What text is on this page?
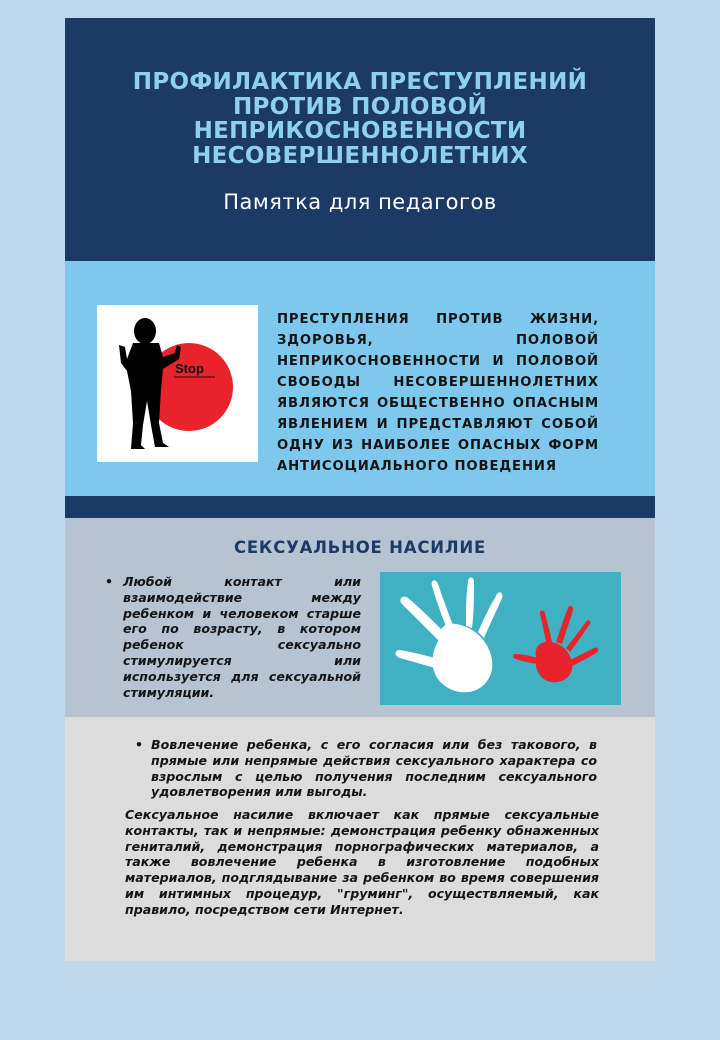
ПРОФИЛАКТИКА ПРЕСТУПЛЕНИЙ ПРОТИВ ПОЛОВОЙ НЕПРИКОСНОВЕННОСТИ НЕСОВЕРШЕННОЛЕТНИХ
Памятка для педагогов
Stop
ПРЕСТУПЛЕНИЯ ПРОТИВ ЖИЗНИ, ЗДОРОВЬЯ, ПОЛОВОЙ НЕПРИКОСНОВЕННОСТИ И ПОЛОВОЙ СВОБОДЫ НЕСОВЕРШЕННОЛЕТНИХ ЯВЛЯЮТСЯ ОБЩЕСТВЕННО ОПАСНЫМ ЯВЛЕНИЕМ И ПРЕДСТАВЛЯЮТ СОБОЙ ОДНУ ИЗ НАИБОЛЕЕ ОПАСНЫХ ФОРМ АНТИСОЦИАЛЬНОГО ПОВЕДЕНИЯ
СЕКСУАЛЬНОЕ НАСИЛИЕ
• Любой контакт или взаимодействие между ребенком и человеком старше его по возрасту, в котором ребенок сексуально стимулируется или используется для сексуальной стимуляции.
• Вовлечение ребенка, с его согласия или без такового, в прямые или непрямые действия сексуального характера со взрослым с целью получения последним сексуального удовлетворения или выгоды.
Сексуальное насилие включает как прямые сексуальные контакты, так и непрямые: демонстрация ребенку обнаженных гениталий, демонстрация порнографических материалов, а также вовлечение ребенка в изготовление подобных материалов, подглядывание за ребенком во время совершения им интимных процедур, "груминг", осуществляемый, как правило, посредством сети Интернет.
